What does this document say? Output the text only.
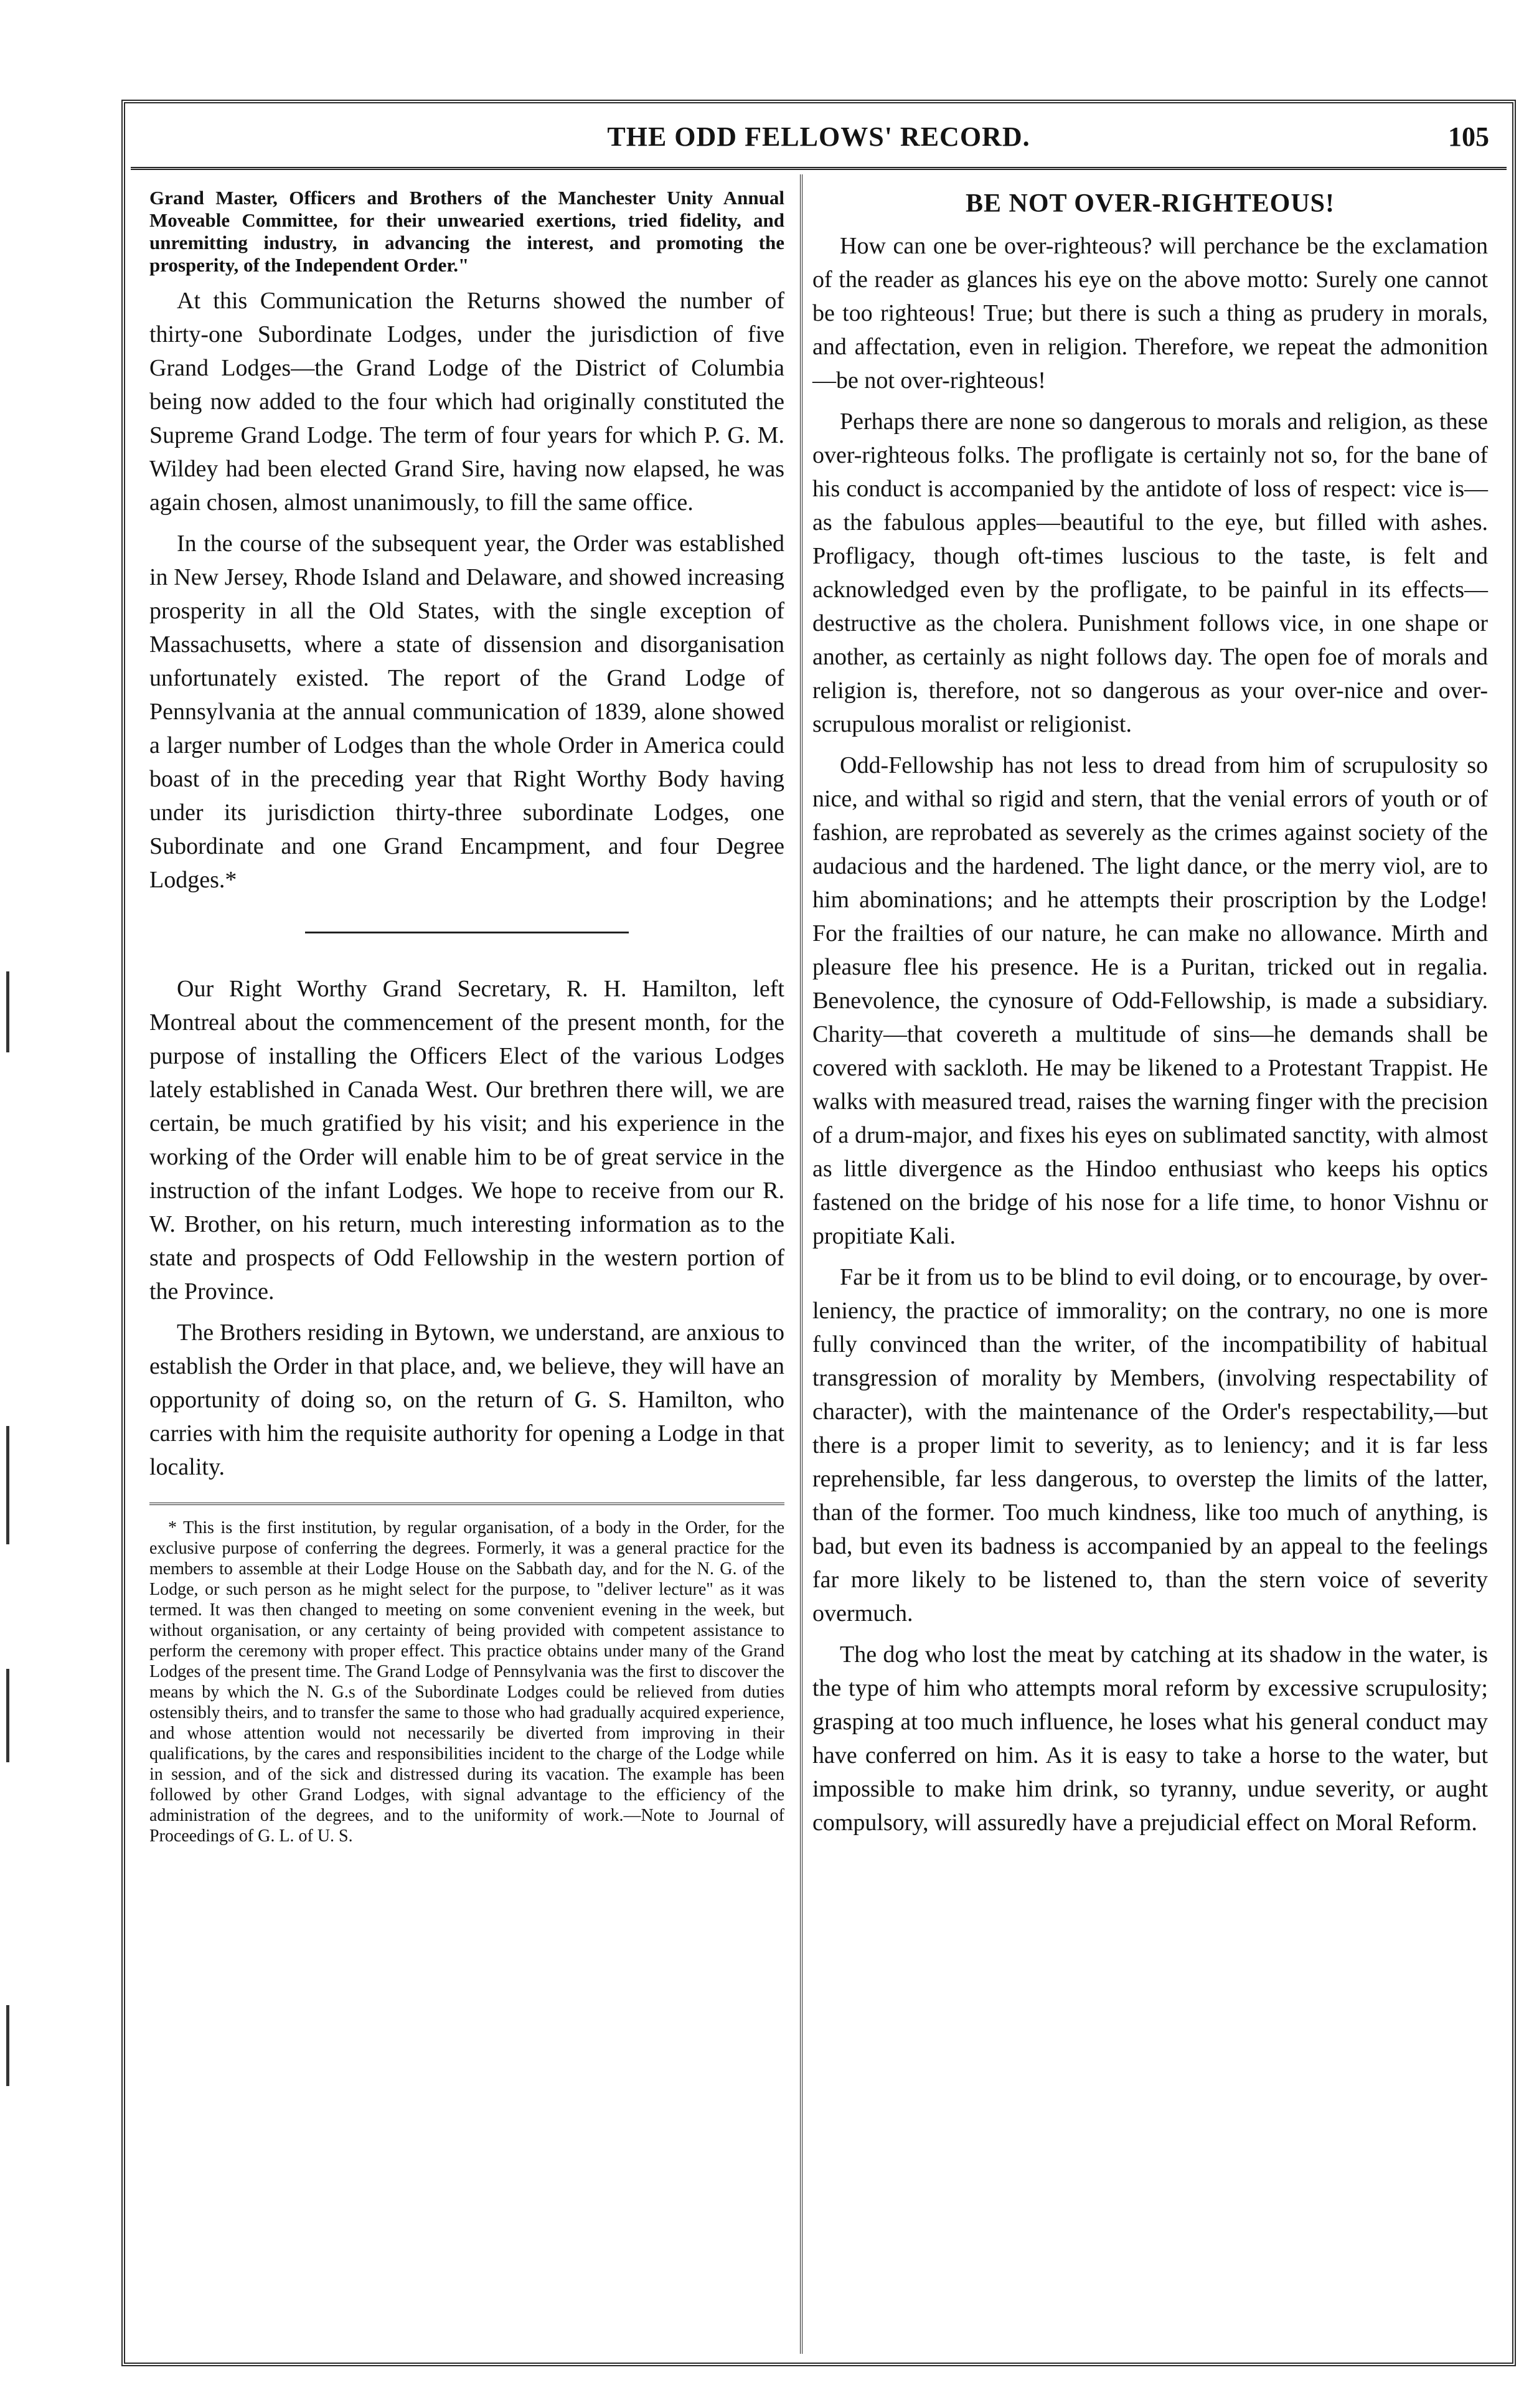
THE ODD FELLOWS' RECORD.	105

Grand Master, Officers and Brothers of the Manchester Unity Annual Moveable Committee, for their unwearied exertions, tried fidelity, and unremitting industry, in advancing the interest, and promoting the prosperity, of the Independent Order."

At this Communication the Returns showed the number of thirty-one Subordinate Lodges, under the jurisdiction of five Grand Lodges—the Grand Lodge of the District of Columbia being now added to the four which had originally constituted the Supreme Grand Lodge. The term of four years for which P. G. M. Wildey had been elected Grand Sire, having now elapsed, he was again chosen, almost unanimously, to fill the same office.

In the course of the subsequent year, the Order was established in New Jersey, Rhode Island and Delaware, and showed increasing prosperity in all the Old States, with the single exception of Massachusetts, where a state of dissension and disorganisation unfortunately existed. The report of the Grand Lodge of Pennsylvania at the annual communication of 1839, alone showed a larger number of Lodges than the whole Order in America could boast of in the preceding year that Right Worthy Body having under its jurisdiction thirty-three subordinate Lodges, one Subordinate and one Grand Encampment, and four Degree Lodges.*

Our Right Worthy Grand Secretary, R. H. Hamilton, left Montreal about the commencement of the present month, for the purpose of installing the Officers Elect of the various Lodges lately established in Canada West. Our brethren there will, we are certain, be much gratified by his visit; and his experience in the working of the Order will enable him to be of great service in the instruction of the infant Lodges. We hope to receive from our R. W. Brother, on his return, much interesting information as to the state and prospects of Odd Fellowship in the western portion of the Province.

The Brothers residing in Bytown, we understand, are anxious to establish the Order in that place, and, we believe, they will have an opportunity of doing so, on the return of G. S. Hamilton, who carries with him the requisite authority for opening a Lodge in that locality.

* This is the first institution, by regular organisation, of a body in the Order, for the exclusive purpose of conferring the degrees. Formerly, it was a general practice for the members to assemble at their Lodge House on the Sabbath day, and for the N. G. of the Lodge, or such person as he might select for the purpose, to "deliver lecture" as it was termed. It was then changed to meeting on some convenient evening in the week, but without organisation, or any certainty of being provided with competent assistance to perform the ceremony with proper effect. This practice obtains under many of the Grand Lodges of the present time. The Grand Lodge of Pennsylvania was the first to discover the means by which the N. G.s of the Subordinate Lodges could be relieved from duties ostensibly theirs, and to transfer the same to those who had gradually acquired experience, and whose attention would not necessarily be diverted from improving in their qualifications, by the cares and responsibilities incident to the charge of the Lodge while in session, and of the sick and distressed during its vacation. The example has been followed by other Grand Lodges, with signal advantage to the efficiency of the administration of the degrees, and to the uniformity of work.—Note to Journal of Proceedings of G. L. of U. S.
BE NOT OVER-RIGHTEOUS!

How can one be over-righteous? will perchance be the exclamation of the reader as glances his eye on the above motto: Surely one cannot be too righteous! True; but there is such a thing as prudery in morals, and affectation, even in religion. Therefore, we repeat the admonition—be not over-righteous!

Perhaps there are none so dangerous to morals and religion, as these over-righteous folks. The profligate is certainly not so, for the bane of his conduct is accompanied by the antidote of loss of respect: vice is— as the fabulous apples—beautiful to the eye, but filled with ashes. Profligacy, though oft-times luscious to the taste, is felt and acknowledged even by the profligate, to be painful in its effects—destructive as the cholera. Punishment follows vice, in one shape or another, as certainly as night follows day. The open foe of morals and religion is, therefore, not so dangerous as your over-nice and over-scrupulous moralist or religionist.

Odd-Fellowship has not less to dread from him of scrupulosity so nice, and withal so rigid and stern, that the venial errors of youth or of fashion, are reprobated as severely as the crimes against society of the audacious and the hardened. The light dance, or the merry viol, are to him abominations; and he attempts their proscription by the Lodge! For the frailties of our nature, he can make no allowance. Mirth and pleasure flee his presence. He is a Puritan, tricked out in regalia. Benevolence, the cynosure of Odd-Fellowship, is made a subsidiary. Charity—that covereth a multitude of sins—he demands shall be covered with sackloth. He may be likened to a Protestant Trappist. He walks with measured tread, raises the warning finger with the precision of a drum-major, and fixes his eyes on sublimated sanctity, with almost as little divergence as the Hindoo enthusiast who keeps his optics fastened on the bridge of his nose for a life time, to honor Vishnu or propitiate Kali.

Far be it from us to be blind to evil doing, or to encourage, by over-leniency, the practice of immorality; on the contrary, no one is more fully convinced than the writer, of the incompatibility of habitual transgression of morality by Members, (involving respectability of character), with the maintenance of the Order's respectability,—but there is a proper limit to severity, as to leniency; and it is far less reprehensible, far less dangerous, to overstep the limits of the latter, than of the former. Too much kindness, like too much of anything, is bad, but even its badness is accompanied by an appeal to the feelings far more likely to be listened to, than the stern voice of severity overmuch.

The dog who lost the meat by catching at its shadow in the water, is the type of him who attempts moral reform by excessive scrupulosity; grasping at too much influence, he loses what his general conduct may have conferred on him. As it is easy to take a horse to the water, but impossible to make him drink, so tyranny, undue severity, or aught compulsory, will assuredly have a prejudicial effect on Moral Reform.
